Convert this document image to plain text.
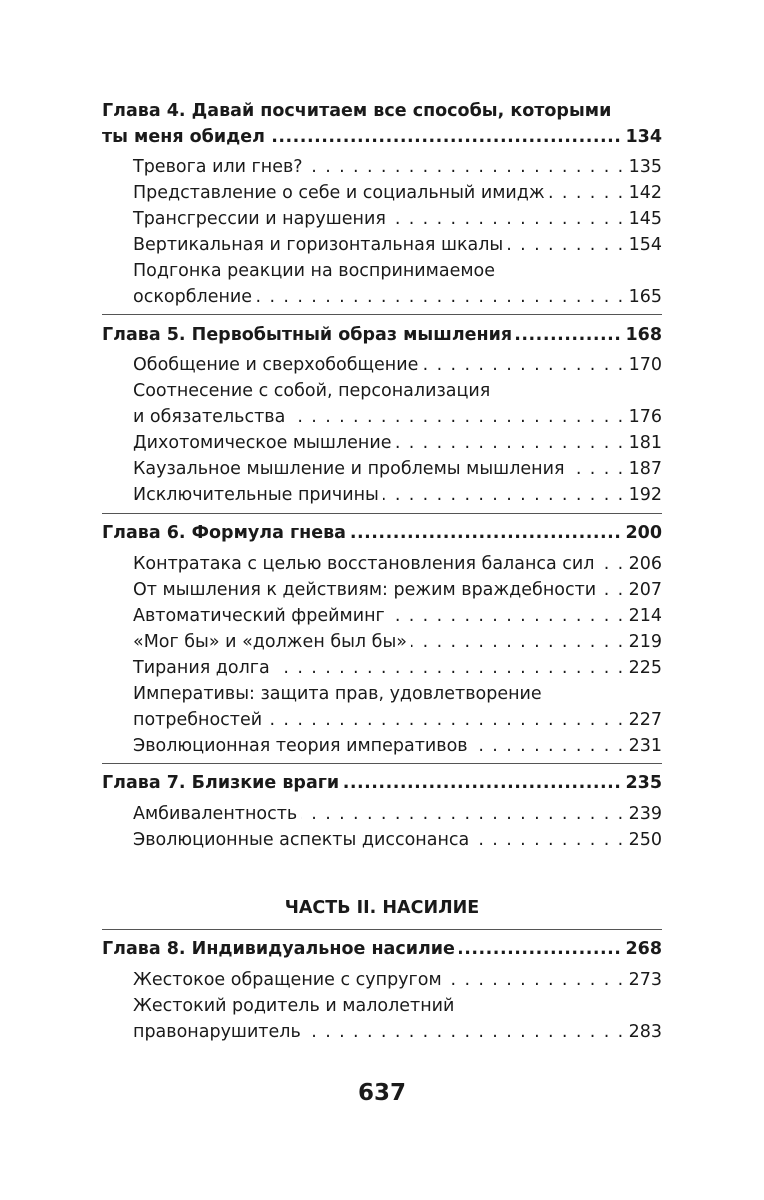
Глава 4. Давай посчитаем все способы, которыми
ты меня обидел .....	134
Тревога или гнев? . . .	135
Представление о себе и социальный имидж . . .	142
Трансгрессии и нарушения . . .	145
Вертикальная и горизонтальная шкалы . . .	154
Подгонка реакции на воспринимаемое
оскорбление . . .	165
Глава 5. Первобытный образ мышления .....	168
Обобщение и сверхобобщение . . .	170
Соотнесение с собой, персонализация
и обязательства . . .	176
Дихотомическое мышление . . .	181
Каузальное мышление и проблемы мышления . . .	187
Исключительные причины . . .	192
Глава 6. Формула гнева .....	200
Контратака с целью восстановления баланса сил . . . 206
От мышления к действиям: режим враждебности . . . 207
Автоматический фрейминг . . .	214
«Мог бы» и «должен был бы» . . .	219
Тирания долга . . .	225
Императивы: защита прав, удовлетворение
потребностей . . .	227
Эволюционная теория императивов . . .	231
Глава 7. Близкие враги .....	235
Амбивалентность . . .	239
Эволюционные аспекты диссонанса . . .	250
ЧАСТЬ II. НАСИЛИЕ
Глава 8. Индивидуальное насилие .....	268
Жестокое обращение с супругом . . .	273
Жестокий родитель и малолетний
правонарушитель . . .	283
637
